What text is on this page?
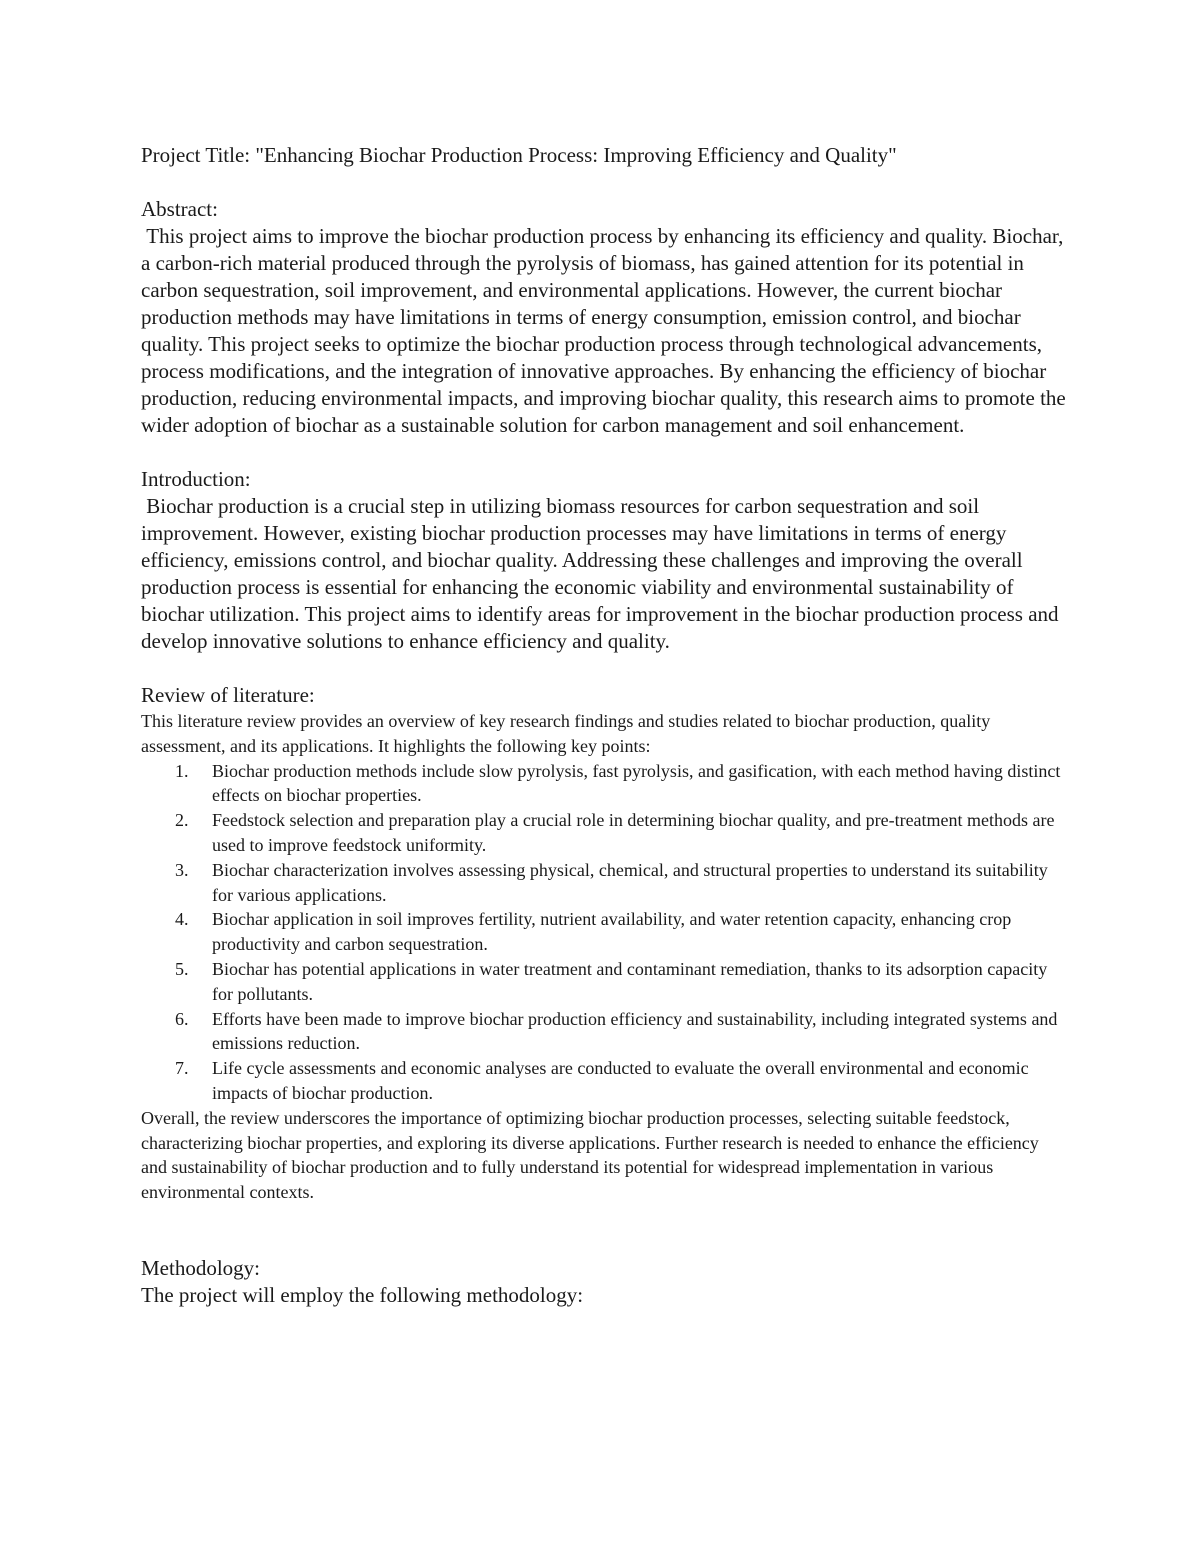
Project Title: "Enhancing Biochar Production Process: Improving Efficiency and Quality"

Abstract:

This project aims to improve the biochar production process by enhancing its efficiency and quality. Biochar, a carbon-rich material produced through the pyrolysis of biomass, has gained attention for its potential in carbon sequestration, soil improvement, and environmental applications. However, the current biochar production methods may have limitations in terms of energy consumption, emission control, and biochar quality. This project seeks to optimize the biochar production process through technological advancements, process modifications, and the integration of innovative approaches. By enhancing the efficiency of biochar production, reducing environmental impacts, and improving biochar quality, this research aims to promote the wider adoption of biochar as a sustainable solution for carbon management and soil enhancement.

Introduction:

Biochar production is a crucial step in utilizing biomass resources for carbon sequestration and soil improvement. However, existing biochar production processes may have limitations in terms of energy efficiency, emissions control, and biochar quality. Addressing these challenges and improving the overall production process is essential for enhancing the economic viability and environmental sustainability of biochar utilization. This project aims to identify areas for improvement in the biochar production process and develop innovative solutions to enhance efficiency and quality.

Review of literature:

This literature review provides an overview of key research findings and studies related to biochar production, quality assessment, and its applications. It highlights the following key points:

1. Biochar production methods include slow pyrolysis, fast pyrolysis, and gasification, with each method having distinct effects on biochar properties.
2. Feedstock selection and preparation play a crucial role in determining biochar quality, and pre-treatment methods are used to improve feedstock uniformity.
3. Biochar characterization involves assessing physical, chemical, and structural properties to understand its suitability for various applications.
4. Biochar application in soil improves fertility, nutrient availability, and water retention capacity, enhancing crop productivity and carbon sequestration.
5. Biochar has potential applications in water treatment and contaminant remediation, thanks to its adsorption capacity for pollutants.
6. Efforts have been made to improve biochar production efficiency and sustainability, including integrated systems and emissions reduction.
7. Life cycle assessments and economic analyses are conducted to evaluate the overall environmental and economic impacts of biochar production.

Overall, the review underscores the importance of optimizing biochar production processes, selecting suitable feedstock, characterizing biochar properties, and exploring its diverse applications. Further research is needed to enhance the efficiency and sustainability of biochar production and to fully understand its potential for widespread implementation in various environmental contexts.

Methodology:

The project will employ the following methodology:
